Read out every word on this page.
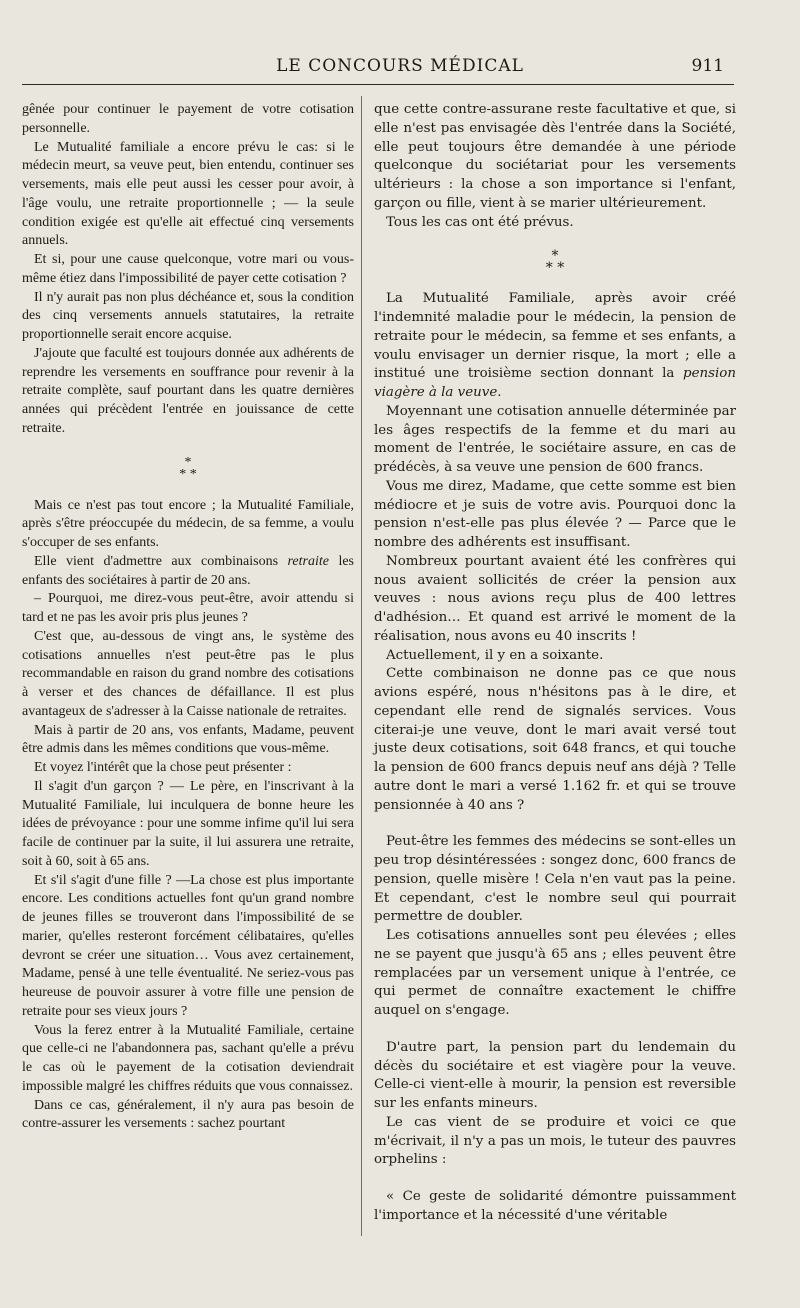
LE CONCOURS MÉDICAL	911

gênée pour continuer le payement de votre cotisation personnelle.

Le Mutualité familiale a encore prévu le cas: si le médecin meurt, sa veuve peut, bien entendu, continuer ses versements, mais elle peut aussi les cesser pour avoir, à l'âge voulu, une retraite proportionnelle ; — la seule condition exigée est qu'elle ait effectué cinq versements annuels.

Et si, pour une cause quelconque, votre mari ou vous-même étiez dans l'impossibilité de payer cette cotisation ?

Il n'y aurait pas non plus déchéance et, sous la condition des cinq versements annuels statutaires, la retraite proportionnelle serait encore acquise.

J'ajoute que faculté est toujours donnée aux adhérents de reprendre les versements en souffrance pour revenir à la retraite complète, sauf pourtant dans les quatre dernières années qui précèdent l'entrée en jouissance de cette retraite.

*
* *

Mais ce n'est pas tout encore ; la Mutualité Familiale, après s'être préoccupée du médecin, de sa femme, a voulu s'occuper de ses enfants.

Elle vient d'admettre aux combinaisons retraite les enfants des sociétaires à partir de 20 ans.

– Pourquoi, me direz-vous peut-être, avoir attendu si tard et ne pas les avoir pris plus jeunes ?

C'est que, au-dessous de vingt ans, le système des cotisations annuelles n'est peut-être pas le plus recommandable en raison du grand nombre des cotisations à verser et des chances de défaillance. Il est plus avantageux de s'adresser à la Caisse nationale de retraites.

Mais à partir de 20 ans, vos enfants, Madame, peuvent être admis dans les mêmes conditions que vous-même.

Et voyez l'intérêt que la chose peut présenter :

Il s'agit d'un garçon ? — Le père, en l'inscrivant à la Mutualité Familiale, lui inculquera de bonne heure les idées de prévoyance : pour une somme infime qu'il lui sera facile de continuer par la suite, il lui assurera une retraite, soit à 60, soit à 65 ans.

Et s'il s'agit d'une fille ? —La chose est plus importante encore. Les conditions actuelles font qu'un grand nombre de jeunes filles se trouveront dans l'impossibilité de se marier, qu'elles resteront forcément célibataires, qu'elles devront se créer une situation… Vous avez certainement, Madame, pensé à une telle éventualité. Ne seriez-vous pas heureuse de pouvoir assurer à votre fille une pension de retraite pour ses vieux jours ?

Vous la ferez entrer à la Mutualité Familiale, certaine que celle-ci ne l'abandonnera pas, sachant qu'elle a prévu le cas où le payement de la cotisation deviendrait impossible malgré les chiffres réduits que vous connaissez.

Dans ce cas, généralement, il n'y aura pas besoin de contre-assurer les versements : sachez pourtant

que cette contre-assurane reste facultative et que, si elle n'est pas envisagée dès l'entrée dans la Société, elle peut toujours être demandée à une période quelconque du sociétariat pour les versements ultérieurs : la chose a son importance si l'enfant, garçon ou fille, vient à se marier ultérieurement.

Tous les cas ont été prévus.

*
* *

La Mutualité Familiale, après avoir créé l'indemnité maladie pour le médecin, la pension de retraite pour le médecin, sa femme et ses enfants, a voulu envisager un dernier risque, la mort ; elle a institué une troisième section donnant la pension viagère à la veuve.

Moyennant une cotisation annuelle déterminée par les âges respectifs de la femme et du mari au moment de l'entrée, le sociétaire assure, en cas de prédécès, à sa veuve une pension de 600 francs.

Vous me direz, Madame, que cette somme est bien médiocre et je suis de votre avis. Pourquoi donc la pension n'est-elle pas plus élevée ? — Parce que le nombre des adhérents est insuffisant.

Nombreux pourtant avaient été les confrères qui nous avaient sollicités de créer la pension aux veuves : nous avions reçu plus de 400 lettres d'adhésion… Et quand est arrivé le moment de la réalisation, nous avons eu 40 inscrits !

Actuellement, il y en a soixante.

Cette combinaison ne donne pas ce que nous avions espéré, nous n'hésitons pas à le dire, et cependant elle rend de signalés services. Vous citerai-je une veuve, dont le mari avait versé tout juste deux cotisations, soit 648 francs, et qui touche la pension de 600 francs depuis neuf ans déjà ? Telle autre dont le mari a versé 1.162 fr. et qui se trouve pensionnée à 40 ans ?

Peut-être les femmes des médecins se sont-elles un peu trop désintéressées : songez donc, 600 francs de pension, quelle misère ! Cela n'en vaut pas la peine. Et cependant, c'est le nombre seul qui pourrait permettre de doubler.

Les cotisations annuelles sont peu élevées ; elles ne se payent que jusqu'à 65 ans ; elles peuvent être remplacées par un versement unique à l'entrée, ce qui permet de connaître exactement le chiffre auquel on s'engage.

D'autre part, la pension part du lendemain du décès du sociétaire et est viagère pour la veuve. Celle-ci vient-elle à mourir, la pension est reversible sur les enfants mineurs.

Le cas vient de se produire et voici ce que m'écrivait, il n'y a pas un mois, le tuteur des pauvres orphelins :

« Ce geste de solidarité démontre puissamment l'importance et la nécessité d'une véritable
